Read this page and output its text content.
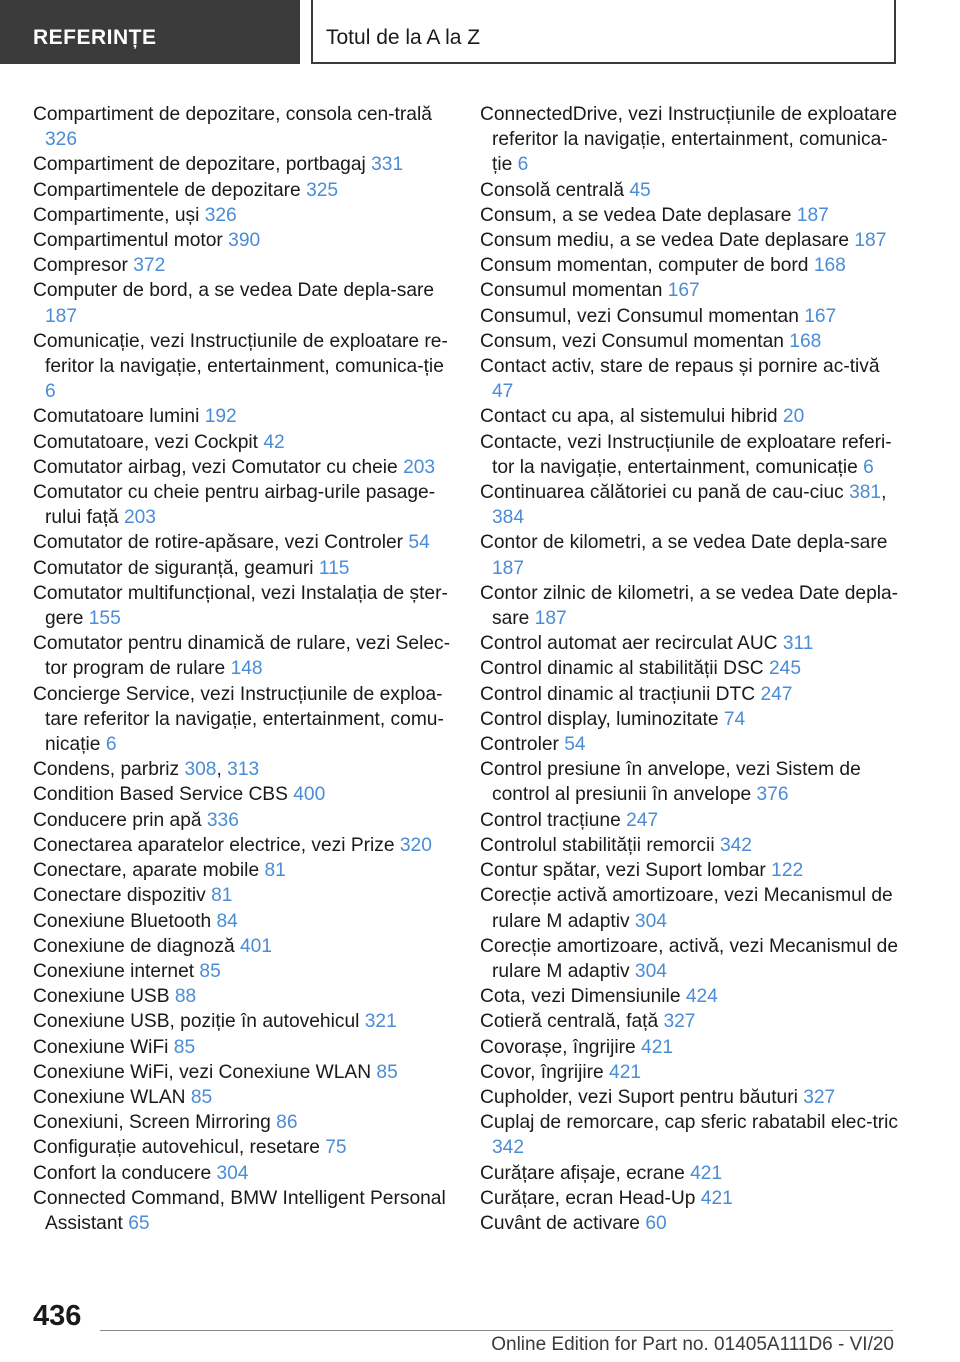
REFERINȚE	Totul de la A la Z
Compartiment de depozitare, consola cen-trală 326
Compartiment de depozitare, portbagaj 331
Compartimentele de depozitare 325
Compartimente, uși 326
Compartimentul motor 390
Compresor 372
Computer de bord, a se vedea Date depla-sare 187
Comunicație, vezi Instrucțiunile de exploatare re-feritor la navigație, entertainment, comunica-ție 6
Comutatoare lumini 192
Comutatoare, vezi Cockpit 42
Comutator airbag, vezi Comutator cu cheie 203
Comutator cu cheie pentru airbag-urile pasage-rului față 203
Comutator de rotire-apăsare, vezi Controler 54
Comutator de siguranță, geamuri 115
Comutator multifuncțional, vezi Instalația de șter-gere 155
Comutator pentru dinamică de rulare, vezi Selec-tor program de rulare 148
Concierge Service, vezi Instrucțiunile de exploa-tare referitor la navigație, entertainment, comu-nicație 6
Condens, parbriz 308, 313
Condition Based Service CBS 400
Conducere prin apă 336
Conectarea aparatelor electrice, vezi Prize 320
Conectare, aparate mobile 81
Conectare dispozitiv 81
Conexiune Bluetooth 84
Conexiune de diagnoză 401
Conexiune internet 85
Conexiune USB 88
Conexiune USB, poziție în autovehicul 321
Conexiune WiFi 85
Conexiune WiFi, vezi Conexiune WLAN 85
Conexiune WLAN 85
Conexiuni, Screen Mirroring 86
Configurație autovehicul, resetare 75
Confort la conducere 304
Connected Command, BMW Intelligent Personal Assistant 65
ConnectedDrive, vezi Instrucțiunile de exploatare referitor la navigație, entertainment, comunica-ție 6
Consolă centrală 45
Consum, a se vedea Date deplasare 187
Consum mediu, a se vedea Date deplasare 187
Consum momentan, computer de bord 168
Consumul momentan 167
Consumul, vezi Consumul momentan 167
Consum, vezi Consumul momentan 168
Contact activ, stare de repaus și pornire ac-tivă 47
Contact cu apa, al sistemului hibrid 20
Contacte, vezi Instrucțiunile de exploatare referi-tor la navigație, entertainment, comunicație 6
Continuarea călătoriei cu pană de cau-ciuc 381, 384
Contor de kilometri, a se vedea Date depla-sare 187
Contor zilnic de kilometri, a se vedea Date depla-sare 187
Control automat aer recirculat AUC 311
Control dinamic al stabilității DSC 245
Control dinamic al tracțiunii DTC 247
Control display, luminozitate 74
Controler 54
Control presiune în anvelope, vezi Sistem de control al presiunii în anvelope 376
Control tracțiune 247
Controlul stabilității remorcii 342
Contur spătar, vezi Suport lombar 122
Corecție activă amortizoare, vezi Mecanismul de rulare M adaptiv 304
Corecție amortizoare, activă, vezi Mecanismul de rulare M adaptiv 304
Cota, vezi Dimensiunile 424
Cotieră centrală, față 327
Covorașe, îngrijire 421
Covor, îngrijire 421
Cupholder, vezi Suport pentru băuturi 327
Cuplaj de remorcare, cap sferic rabatabil elec-tric 342
Curățare afișaje, ecrane 421
Curățare, ecran Head-Up 421
Cuvânt de activare 60
436
Online Edition for Part no. 01405A111D6 - VI/20
